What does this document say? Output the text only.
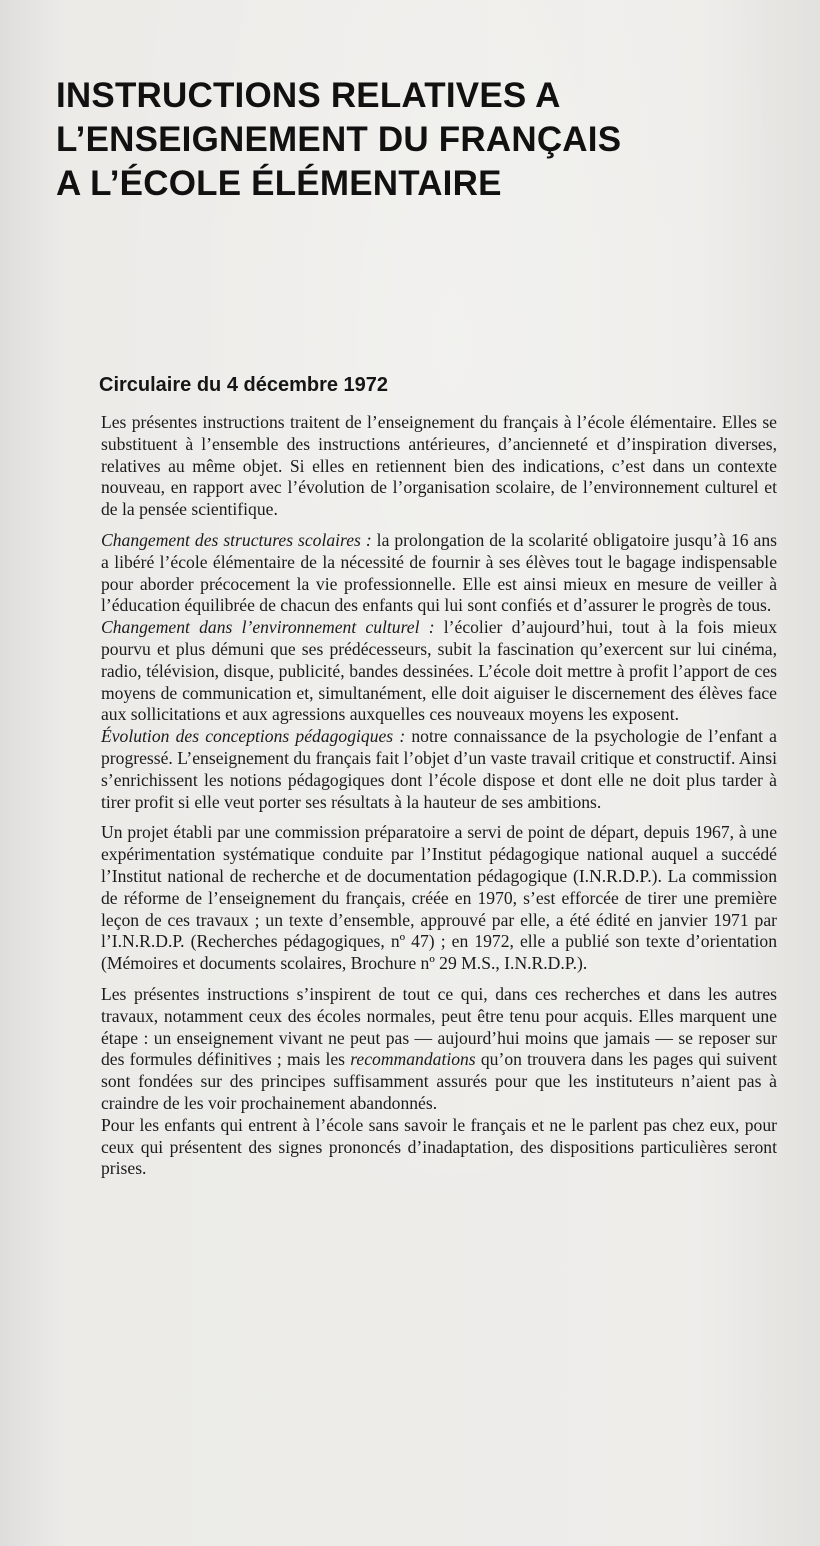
INSTRUCTIONS RELATIVES A
L’ENSEIGNEMENT DU FRANÇAIS
A L’ÉCOLE ÉLÉMENTAIRE
Circulaire du 4 décembre 1972

Les présentes instructions traitent de l’enseignement du français à l’école élémentaire. Elles se substituent à l’ensemble des instructions antérieures, d’ancienneté et d’inspiration diverses, relatives au même objet. Si elles en retiennent bien des indications, c’est dans un contexte nouveau, en rapport avec l’évolution de l’organisation scolaire, de l’environnement culturel et de la pensée scientifique.

Changement des structures scolaires : la prolongation de la scolarité obligatoire jusqu’à 16 ans a libéré l’école élémentaire de la nécessité de fournir à ses élèves tout le bagage indispensable pour aborder précocement la vie professionnelle. Elle est ainsi mieux en mesure de veiller à l’éducation équilibrée de chacun des enfants qui lui sont confiés et d’assurer le progrès de tous.

Changement dans l’environnement culturel : l’écolier d’aujourd’hui, tout à la fois mieux pourvu et plus démuni que ses prédécesseurs, subit la fascination qu’exercent sur lui cinéma, radio, télévision, disque, publicité, bandes dessinées. L’école doit mettre à profit l’apport de ces moyens de communication et, simultanément, elle doit aiguiser le discernement des élèves face aux sollicitations et aux agressions auxquelles ces nouveaux moyens les exposent.

Évolution des conceptions pédagogiques : notre connaissance de la psychologie de l’enfant a progressé. L’enseignement du français fait l’objet d’un vaste travail critique et constructif. Ainsi s’enrichissent les notions pédagogiques dont l’école dispose et dont elle ne doit plus tarder à tirer profit si elle veut porter ses résultats à la hauteur de ses ambitions.

Un projet établi par une commission préparatoire a servi de point de départ, depuis 1967, à une expérimentation systématique conduite par l’Institut pédagogique national auquel a succédé l’Institut national de recherche et de documentation pédagogique (I.N.R.D.P.). La commission de réforme de l’enseignement du français, créée en 1970, s’est efforcée de tirer une première leçon de ces travaux ; un texte d’ensemble, approuvé par elle, a été édité en janvier 1971 par l’I.N.R.D.P. (Recherches pédagogiques, nº 47) ; en 1972, elle a publié son texte d’orientation (Mémoires et documents scolaires, Brochure nº 29 M.S., I.N.R.D.P.).

Les présentes instructions s’inspirent de tout ce qui, dans ces recherches et dans les autres travaux, notamment ceux des écoles normales, peut être tenu pour acquis. Elles marquent une étape : un enseignement vivant ne peut pas — aujourd’hui moins que jamais — se reposer sur des formules définitives ; mais les recommandations qu’on trouvera dans les pages qui suivent sont fondées sur des principes suffisamment assurés pour que les instituteurs n’aient pas à craindre de les voir prochainement abandonnés.

Pour les enfants qui entrent à l’école sans savoir le français et ne le parlent pas chez eux, pour ceux qui présentent des signes prononcés d’inadaptation, des dispositions particulières seront prises.
